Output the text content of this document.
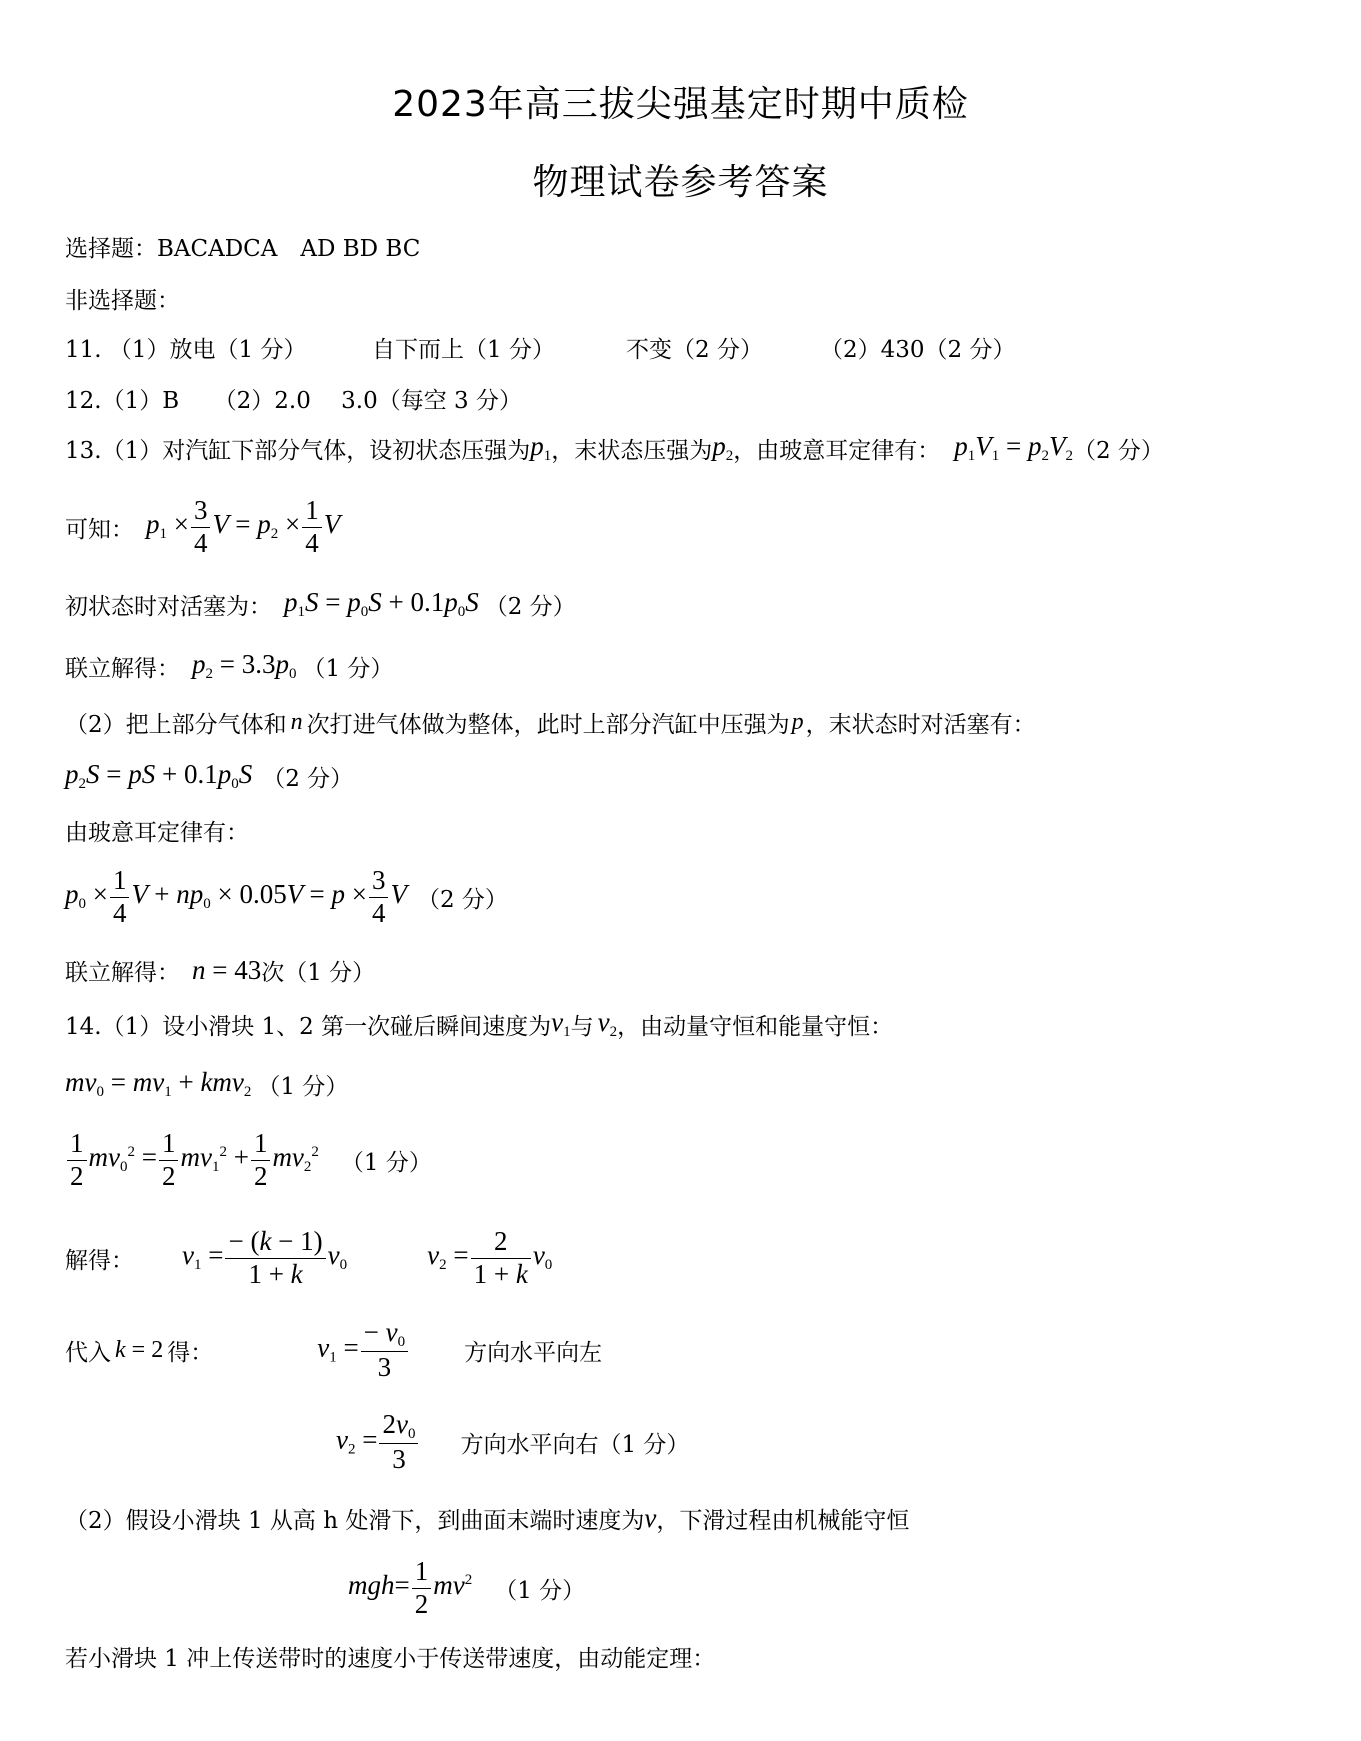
2023年高三拔尖强基定时期中质检
物理试卷参考答案
选择题：BACADCA　AD BD BC
非选择题：
11. （1）放电（1 分）	自下而上（1 分）	不变（2 分） （2）430（2 分）
12.（1）B　　（2）2.0　 3.0（每空 3 分）
13.（1）对汽缸下部分气体，设初状态压强为 $p_1$ ，末状态压强为 $p_2$ ，由玻意耳定律有： $p_1V_1 = p_2V_2$ （2 分）
可知： $p_1 \times \frac{3}{4}$ $V = p_2 \times \frac{1}{4}$ V
初状态时对活塞为： $p_1S = p_0S + 0.1p_0S$ （2 分）
联立解得： $p_2 = 3.3p_0$ （1 分）
（2）把上部分气体和 n 次打进气体做为整体，此时上部分汽缸中压强为 p ，末状态时对活塞有：
$p_2S$ = pS + $0.1p_0S$ （2 分）
由玻意耳定律有：
$p_0 \times \frac{1}{4}$ $V + np_0 \times 0.05V = p \times \frac{3}{4}$ V （2 分）
联立解得： n = 43 次（1 分）
14.（1）设小滑块 1、2 第一次碰后瞬间速度为 $v_1$ 与 $v_2$ ，由动量守恒和能量守恒：
$mv_0 = mv_1 + kmv_2$ （1 分）
$\frac{1}{2} mv_0^2 = \frac{1}{2} mv_1^2 + \frac{1}{2} mv_2^2$ （1 分）
解得： $v_1 = \frac{- (k - 1)}{1 + k} v_0$	$v_2 = \frac{2}{1 + k} v_0$
代入 k = 2 得：	$v_1 = \frac{- v_0}{3}$ 方向水平向左
$v_2 = \frac{2v_0}{3}$ 方向水平向右（1 分）
（2）假设小滑块 1 从高 h 处滑下，到曲面末端时速度为 v ，下滑过程由机械能守恒
$mgh= \frac{1}{2} mv^2$ （1 分）
若小滑块 1 冲上传送带时的速度小于传送带速度，由动能定理：
